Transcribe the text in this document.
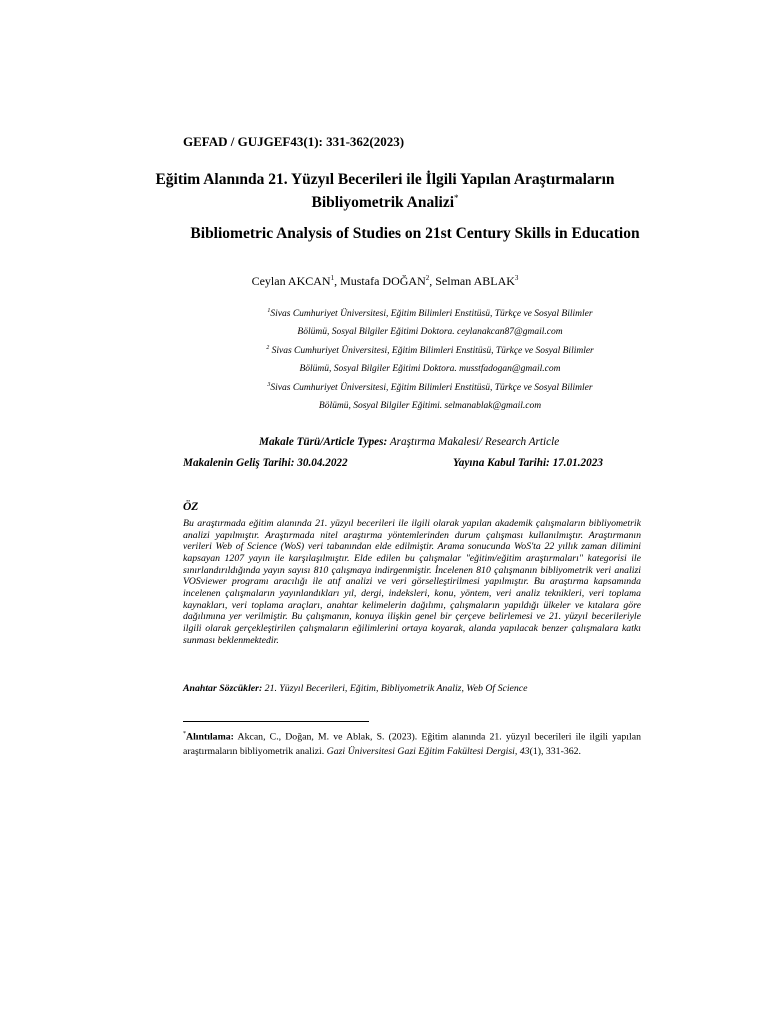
GEFAD / GUJGEF43(1): 331-362(2023)
Eğitim Alanında 21. Yüzyıl Becerileri ile İlgili Yapılan Araştırmaların Bibliyometrik Analizi*
Bibliometric Analysis of Studies on 21st Century Skills in Education
Ceylan AKCAN$^1$, Mustafa DOĞAN$^2$, Selman ABLAK$^3$
$^1$Sivas Cumhuriyet Üniversitesi, Eğitim Bilimleri Enstitüsü, Türkçe ve Sosyal Bilimler
Bölümü, Sosyal Bilgiler Eğitimi Doktora. ceylanakcan87@gmail.com
$^2$ Sivas Cumhuriyet Üniversitesi, Eğitim Bilimleri Enstitüsü, Türkçe ve Sosyal Bilimler
Bölümü, Sosyal Bilgiler Eğitimi Doktora. musstfadogan@gmail.com
$^3$Sivas Cumhuriyet Üniversitesi, Eğitim Bilimleri Enstitüsü, Türkçe ve Sosyal Bilimler
Bölümü, Sosyal Bilgiler Eğitimi. selmanablak@gmail.com
Makale Türü/Article Types: Araştırma Makalesi/ Research Article
Makalenin Geliş Tarihi: 30.04.2022	Yayına Kabul Tarihi: 17.01.2023
ÖZ
Bu araştırmada eğitim alanında 21. yüzyıl becerileri ile ilgili olarak yapılan akademik çalışmaların bibliyometrik analizi yapılmıştır. Araştırmada nitel araştırma yöntemlerinden durum çalışması kullanılmıştır. Araştırmanın verileri Web of Science (WoS) veri tabanından elde edilmiştir. Arama sonucunda WoS'ta 22 yıllık zaman dilimini kapsayan 1207 yayın ile karşılaşılmıştır. Elde edilen bu çalışmalar "eğitim/eğitim araştırmaları" kategorisi ile sınırlandırıldığında yayın sayısı 810 çalışmaya indirgenmiştir. İncelenen 810 çalışmanın bibliyometrik veri analizi VOSviewer programı aracılığı ile atıf analizi ve veri görselleştirilmesi yapılmıştır. Bu araştırma kapsamında incelenen çalışmaların yayınlandıkları yıl, dergi, indeksleri, konu, yöntem, veri analiz teknikleri, veri toplama kaynakları, veri toplama araçları, anahtar kelimelerin dağılımı, çalışmaların yapıldığı ülkeler ve kıtalara göre dağılımına yer verilmiştir. Bu çalışmanın, konuya ilişkin genel bir çerçeve belirlemesi ve 21. yüzyıl becerileriyle ilgili olarak gerçekleştirilen çalışmaların eğilimlerini ortaya koyarak, alanda yapılacak benzer çalışmalara katkı sunması beklenmektedir.
Anahtar Sözcükler: 21. Yüzyıl Becerileri, Eğitim, Bibliyometrik Analiz, Web Of Science
*Alıntılama: Akcan, C., Doğan, M. ve Ablak, S. (2023). Eğitim alanında 21. yüzyıl becerileri ile ilgili yapılan araştırmaların bibliyometrik analizi. Gazi Üniversitesi Gazi Eğitim Fakültesi Dergisi, 43(1), 331-362.
